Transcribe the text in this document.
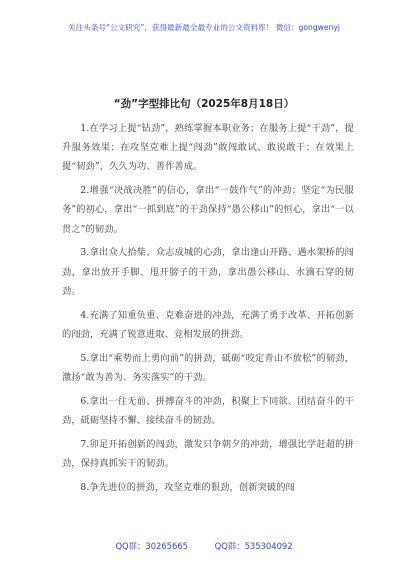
关注头条号“公文研究”，获得最新最全最专业的公文资料库！ 微信：gongwenyj
“劲”字型排比句（2025年8月18日）

1.在学习上提“钻劲”，熟练掌握本职业务；在服务上提“干劲”，提升服务效果；在攻坚克难上提“闯劲”敢闯敢试、敢说敢干；在效果上提“韧劲”，久久为功、善作善成。

2.增强“决战决胜”的信心，拿出“一鼓作气”的冲劲；坚定“为民服务”的初心，拿出“一抓到底”的干劲保持“愚公移山”的恒心，拿出“一以贯之”的韧劲。

3.拿出众人拾柴、众志成城的心劲，拿出逢山开路、遇水架桥的闯劲，拿出放开手脚、甩开膀子的干劲，拿出愚公移山、水滴石穿的韧劲。

4.充满了知重负重、克难奋进的冲劲，充满了勇于改革、开拓创新的闯劲，充满了锐意进取、竞相发展的拼劲。

5.拿出“乘势而上勇向前”的拼劲，砥砺“咬定青山不放松”的韧劲，激扬“敢为善为、务实落实”的干劲。

6.拿出一往无前、拼搏奋斗的冲劲，积聚上下同欲、团结奋斗的干劲，砥砺坚持不懈、接续奋斗的韧劲。

7.卯足开拓创新的闯劲，激发只争朝夕的冲劲，增强比学赶超的拼劲，保持真抓实干的韧劲。

8.争先进位的拼劲，攻坚克难的狠劲，创新突破的闯

QQ群：30265665	QQ群：535304092
